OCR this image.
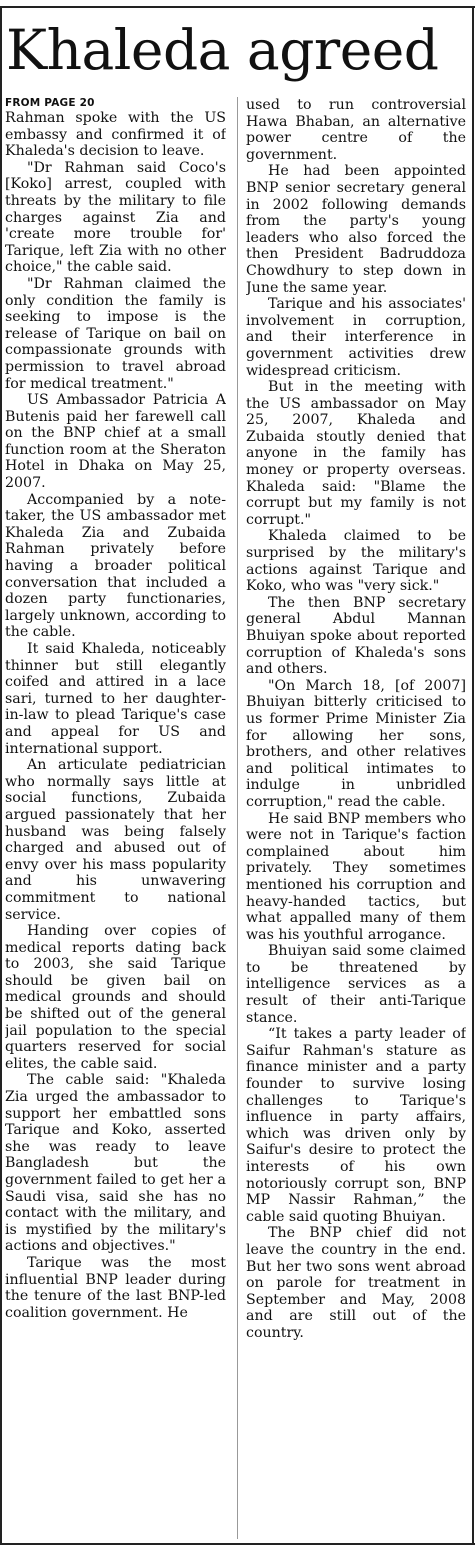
Khaleda agreed
FROM PAGE 20

Rahman spoke with the US embassy and confirmed it of Khaleda's decision to leave.

"Dr Rahman said Coco's [Koko] arrest, coupled with threats by the military to file charges against Zia and 'create more trouble for' Tarique, left Zia with no other choice," the cable said.

"Dr Rahman claimed the only condition the family is seeking to impose is the release of Tarique on bail on compassionate grounds with permission to travel abroad for medical treatment."

US Ambassador Patricia A Butenis paid her farewell call on the BNP chief at a small function room at the Sheraton Hotel in Dhaka on May 25, 2007.

Accompanied by a note-taker, the US ambassador met Khaleda Zia and Zubaida Rahman privately before having a broader political conversation that included a dozen party functionaries, largely unknown, according to the cable.

It said Khaleda, noticeably thinner but still elegantly coifed and attired in a lace sari, turned to her daughter-in-law to plead Tarique's case and appeal for US and international support.

An articulate pediatrician who normally says little at social functions, Zubaida argued passionately that her husband was being falsely charged and abused out of envy over his mass popularity and his unwavering commitment to national service.

Handing over copies of medical reports dating back to 2003, she said Tarique should be given bail on medical grounds and should be shifted out of the general jail population to the special quarters reserved for social elites, the cable said.

The cable said: "Khaleda Zia urged the ambassador to support her embattled sons Tarique and Koko, asserted she was ready to leave Bangladesh but the government failed to get her a Saudi visa, said she has no contact with the military, and is mystified by the military's actions and objectives."

Tarique was the most influential BNP leader during the tenure of the last BNP-led coalition government. He

used to run controversial Hawa Bhaban, an alternative power centre of the government.

He had been appointed BNP senior secretary general in 2002 following demands from the party's young leaders who also forced the then President Badruddoza Chowdhury to step down in June the same year.

Tarique and his associates' involvement in corruption, and their interference in government activities drew widespread criticism.

But in the meeting with the US ambassador on May 25, 2007, Khaleda and Zubaida stoutly denied that anyone in the family has money or property overseas. Khaleda said: "Blame the corrupt but my family is not corrupt."

Khaleda claimed to be surprised by the military's actions against Tarique and Koko, who was "very sick."

The then BNP secretary general Abdul Mannan Bhuiyan spoke about reported corruption of Khaleda's sons and others.

"On March 18, [of 2007] Bhuiyan bitterly criticised to us former Prime Minister Zia for allowing her sons, brothers, and other relatives and political intimates to indulge in unbridled corruption," read the cable.

He said BNP members who were not in Tarique's faction complained about him privately. They sometimes mentioned his corruption and heavy-handed tactics, but what appalled many of them was his youthful arrogance.

Bhuiyan said some claimed to be threatened by intelligence services as a result of their anti-Tarique stance.

“It takes a party leader of Saifur Rahman's stature as finance minister and a party founder to survive losing challenges to Tarique's influence in party affairs, which was driven only by Saifur's desire to protect the interests of his own notoriously corrupt son, BNP MP Nassir Rahman,” the cable said quoting Bhuiyan.

The BNP chief did not leave the country in the end. But her two sons went abroad on parole for treatment in September and May, 2008 and are still out of the country.
